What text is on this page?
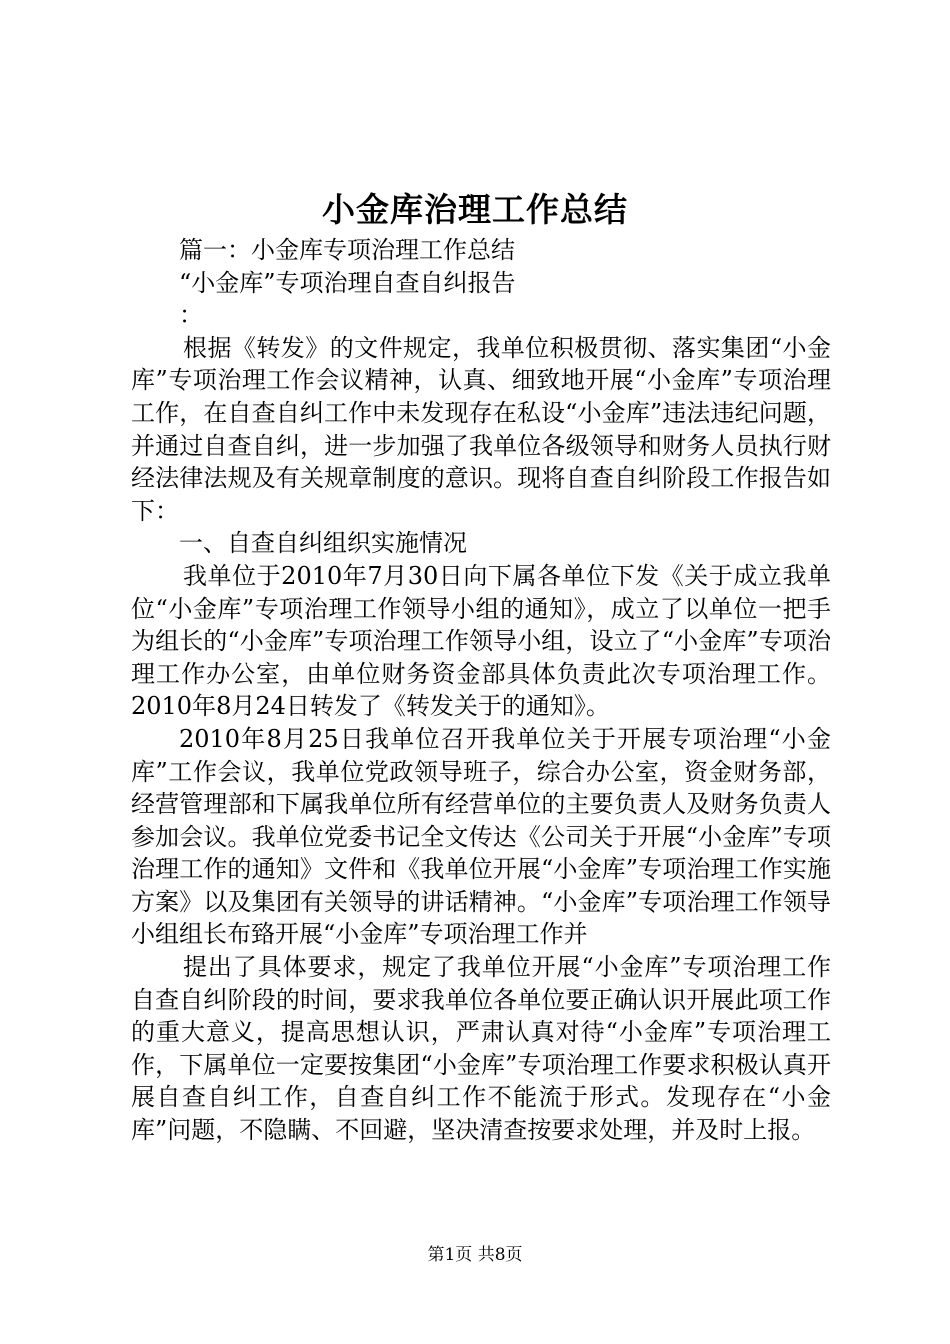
小金库治理工作总结

篇一：小金库专项治理工作总结

“小金库”专项治理自查自纠报告

：

根据《转发》的文件规定，我单位积极贯彻、落实集团“小金库”专项治理工作会议精神，认真、细致地开展“小金库”专项治理工作，在自查自纠工作中未发现存在私设“小金库”违法违纪问题，并通过自查自纠，进一步加强了我单位各级领导和财务人员执行财经法律法规及有关规章制度的意识。现将自查自纠阶段工作报告如下：

一、自查自纠组织实施情况

我单位于2010年7月30日向下属各单位下发《关于成立我单位“小金库”专项治理工作领导小组的通知》，成立了以单位一把手为组长的“小金库”专项治理工作领导小组，设立了“小金库”专项治理工作办公室，由单位财务资金部具体负责此次专项治理工作。2010年8月24日转发了《转发关于的通知》。

2010年8月25日我单位召开我单位关于开展专项治理“小金库”工作会议，我单位党政领导班子，综合办公室，资金财务部，经营管理部和下属我单位所有经营单位的主要负责人及财务负责人参加会议。我单位党委书记全文传达《公司关于开展“小金库”专项治理工作的通知》文件和《我单位开展“小金库”专项治理工作实施方案》以及集团有关领导的讲话精神。“小金库”专项治理工作领导小组组长布臵开展“小金库”专项治理工作并

提出了具体要求，规定了我单位开展“小金库”专项治理工作自查自纠阶段的时间，要求我单位各单位要正确认识开展此项工作的重大意义，提高思想认识，严肃认真对待“小金库”专项治理工作，下属单位一定要按集团“小金库”专项治理工作要求积极认真开展自查自纠工作，自查自纠工作不能流于形式。发现存在“小金库”问题，不隐瞒、不回避，坚决清查按要求处理，并及时上报。

第1页 共8页
